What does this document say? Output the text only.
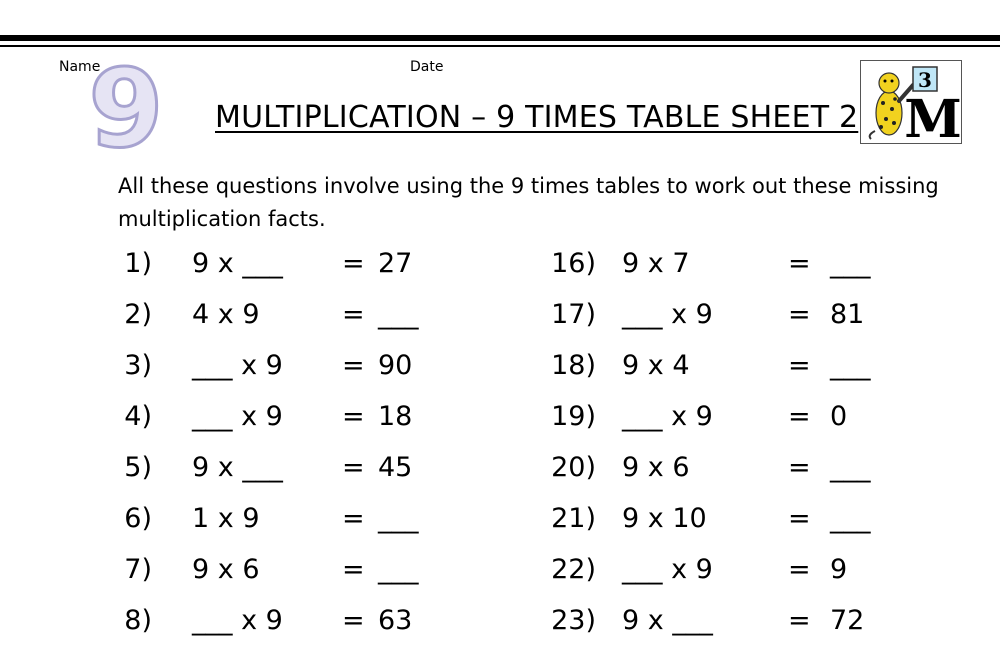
Name	Date
9 MULTIPLICATION – 9 TIMES TABLE SHEET 2
3
M
All these questions involve using the 9 times tables to work out these missing multiplication facts.
1) 9 x ___ = 27
2) 4 x 9	= ___
3) ___ x 9 = 90
4) ___ x 9 = 18
5) 9 x ___ = 45
6) 1 x 9	= ___
7) 9 x 6	= ___
8) ___ x 9 = 63
16) 9 x 7	= ___
17) ___ x 9	= 81
18) 9 x 4	= ___
19) ___ x 9	= 0
20) 9 x 6	= ___
21) 9 x 10	= ___
22) ___ x 9	= 9
23) 9 x ___	= 72
